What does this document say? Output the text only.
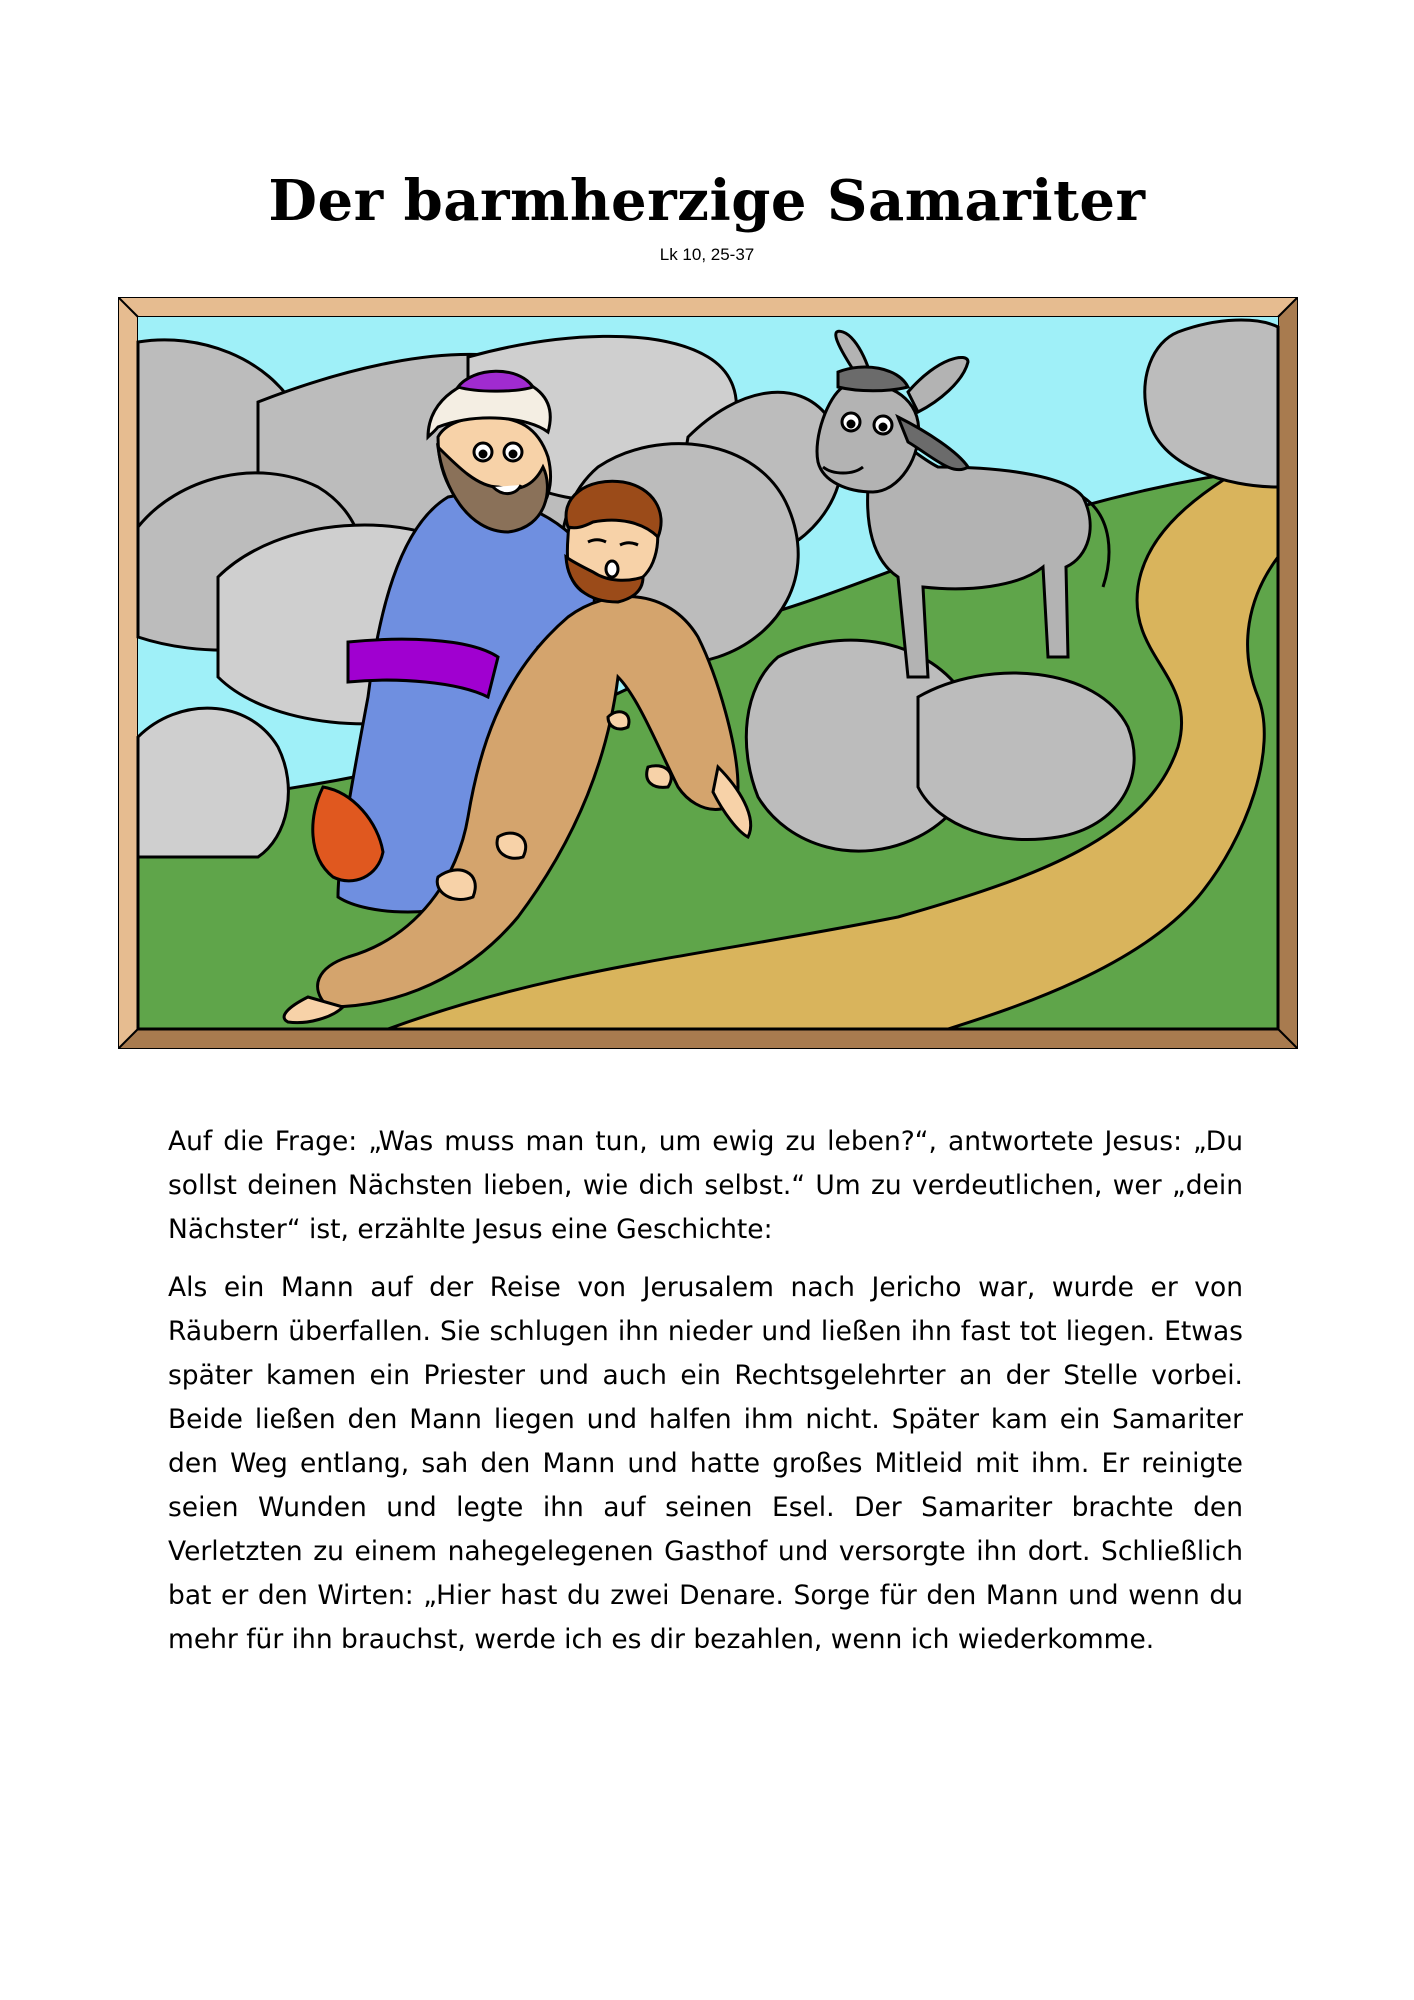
Der barmherzige Samariter
Lk 10, 25-37

Auf die Frage: „Was muss man tun, um ewig zu leben?“, antwortete Jesus: „Du sollst deinen Nächsten lieben, wie dich selbst.“ Um zu verdeutlichen, wer „dein Nächster“ ist, erzählte Jesus eine Geschichte:

Als ein Mann auf der Reise von Jerusalem nach Jericho war, wurde er von Räubern überfallen. Sie schlugen ihn nieder und ließen ihn fast tot liegen. Etwas später kamen ein Priester und auch ein Rechtsgelehrter an der Stelle vorbei. Beide ließen den Mann liegen und halfen ihm nicht. Später kam ein Samariter den Weg entlang, sah den Mann und hatte großes Mitleid mit ihm. Er reinigte seien Wunden und legte ihn auf seinen Esel. Der Samariter brachte den Verletzten zu einem nahegelegenen Gasthof und versorgte ihn dort. Schließlich bat er den Wirten: „Hier hast du zwei Denare. Sorge für den Mann und wenn du mehr für ihn brauchst, werde ich es dir bezahlen, wenn ich wiederkomme.
